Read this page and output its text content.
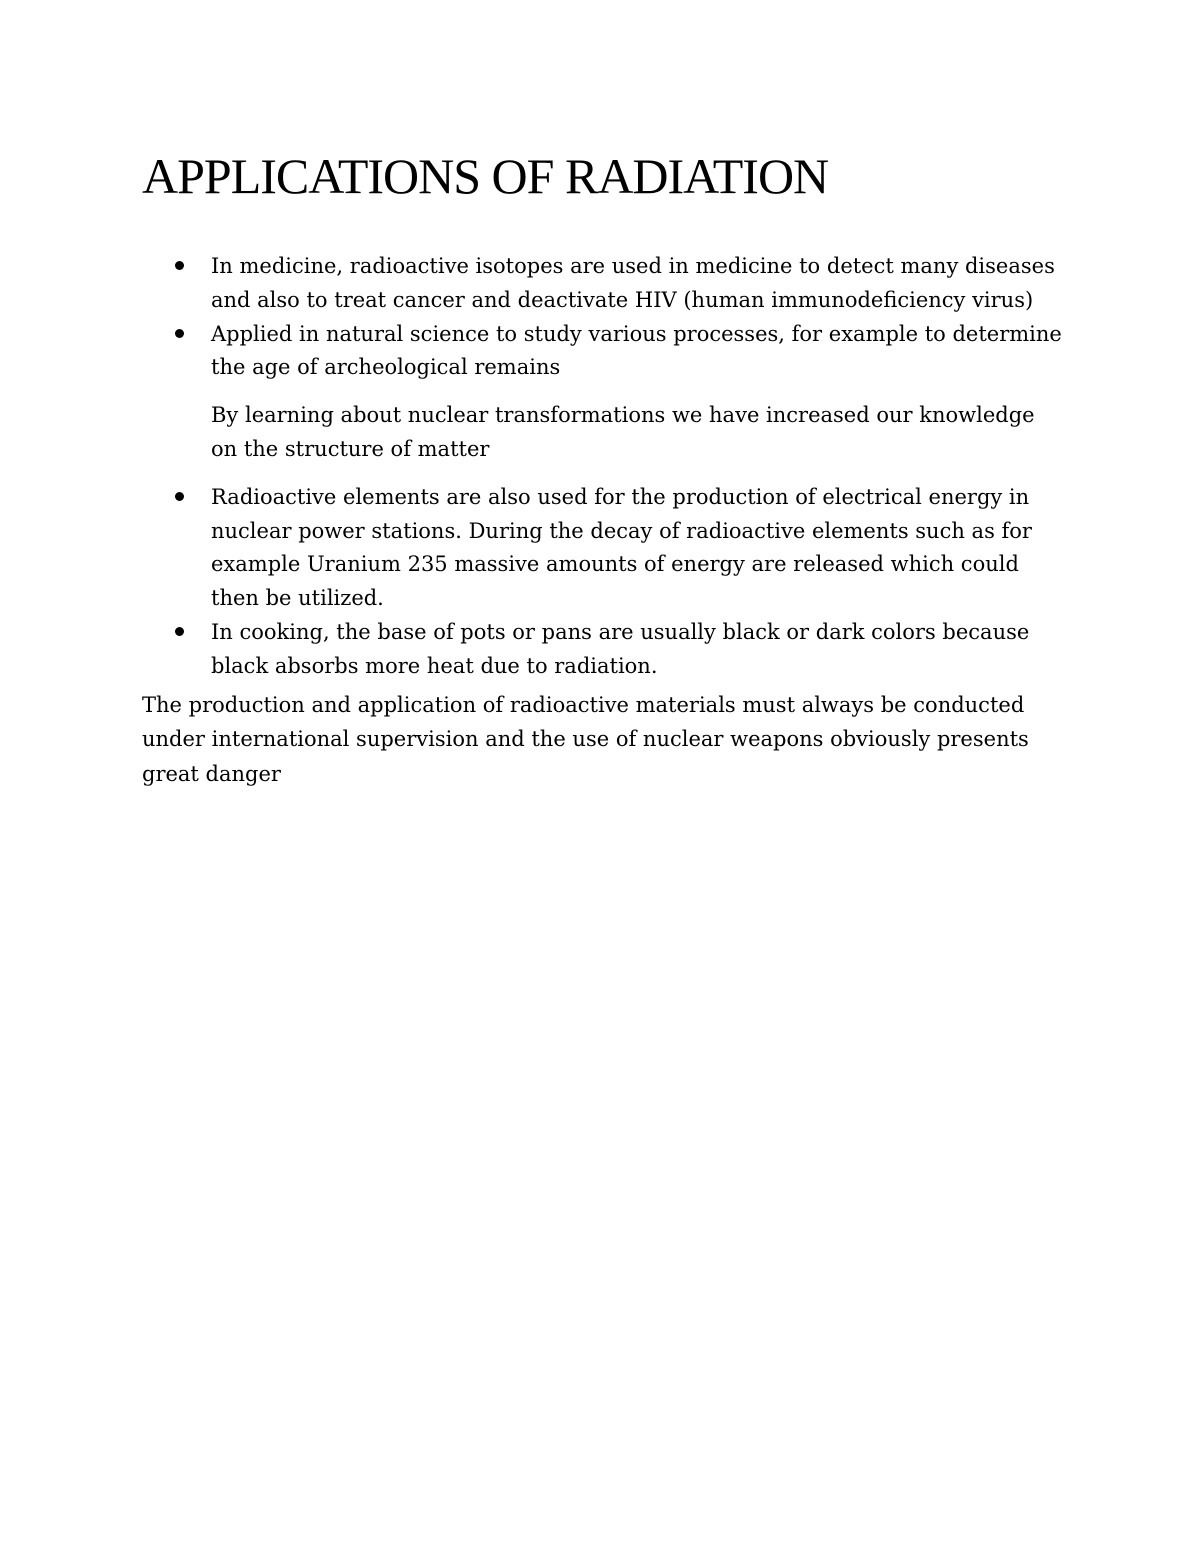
APPLICATIONS OF RADIATION
In medicine, radioactive isotopes are used in medicine to detect many diseases and also to treat cancer and deactivate HIV (human immunodeficiency virus)
Applied in natural science to study various processes, for example to determine the age of archeological remains

By learning about nuclear transformations we have increased our knowledge on the structure of matter

Radioactive elements are also used for the production of electrical energy in nuclear power stations. During the decay of radioactive elements such as for example Uranium 235 massive amounts of energy are released which could then be utilized.
In cooking, the base of pots or pans are usually black or dark colors because black absorbs more heat due to radiation.

The production and application of radioactive materials must always be conducted under international supervision and the use of nuclear weapons obviously presents great danger
